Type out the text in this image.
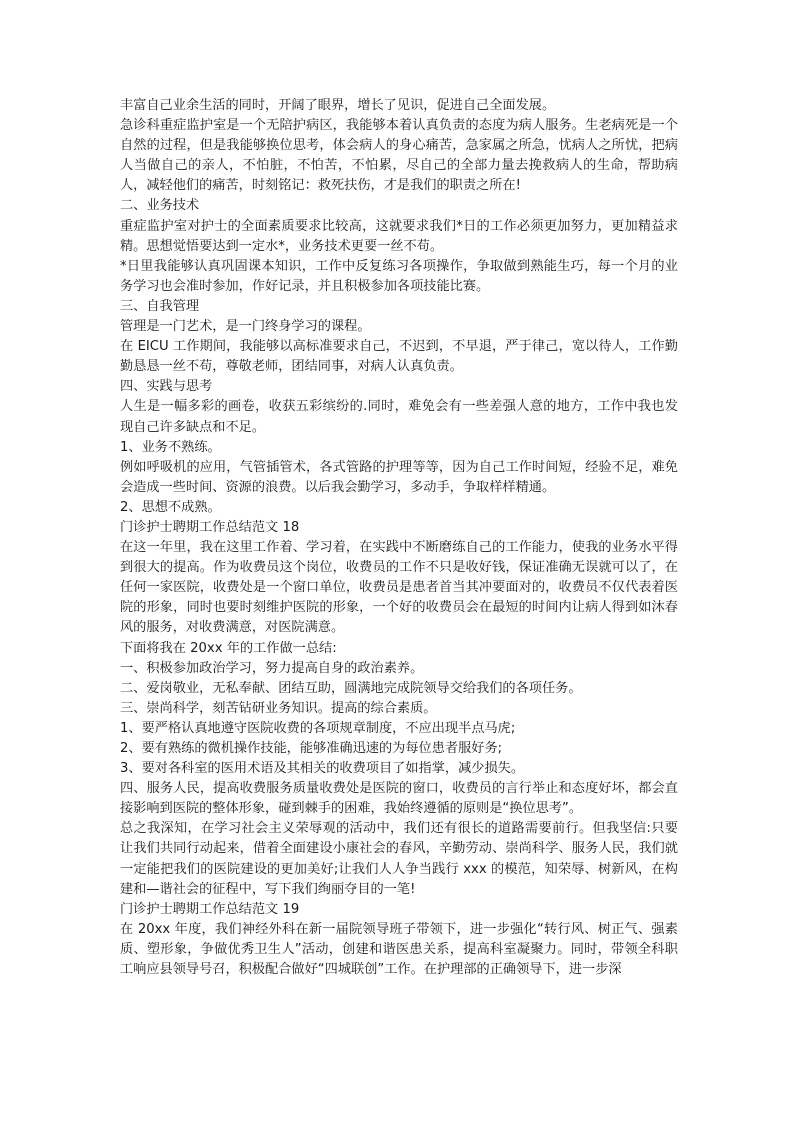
丰富自己业余生活的同时，开阔了眼界，增长了见识，促进自己全面发展。

急诊科重症监护室是一个无陪护病区，我能够本着认真负责的态度为病人服务。生老病死是一个自然的过程，但是我能够换位思考，体会病人的身心痛苦，急家属之所急，忧病人之所忧，把病人当做自己的亲人，不怕脏，不怕苦，不怕累，尽自己的全部力量去挽救病人的生命，帮助病人，减轻他们的痛苦，时刻铭记：救死扶伤，才是我们的职责之所在!

二、业务技术

重症监护室对护士的全面素质要求比较高，这就要求我们*日的工作必须更加努力，更加精益求精。思想觉悟要达到一定水*，业务技术更要一丝不苟。

*日里我能够认真巩固课本知识，工作中反复练习各项操作，争取做到熟能生巧，每一个月的业务学习也会准时参加，作好记录，并且积极参加各项技能比赛。

三、自我管理

管理是一门艺术，是一门终身学习的课程。

在 EICU 工作期间，我能够以高标准要求自己，不迟到，不早退，严于律己，宽以待人，工作勤勤恳恳一丝不苟，尊敬老师，团结同事，对病人认真负责。

四、实践与思考

人生是一幅多彩的画卷，收获五彩缤纷的.同时，难免会有一些差强人意的地方，工作中我也发现自己许多缺点和不足。

1、业务不熟练。

例如呼吸机的应用，气管插管术，各式管路的护理等等，因为自己工作时间短，经验不足，难免会造成一些时间、资源的浪费。以后我会勤学习，多动手，争取样样精通。

2、思想不成熟。

门诊护士聘期工作总结范文 18

在这一年里，我在这里工作着、学习着，在实践中不断磨练自己的工作能力，使我的业务水平得到很大的提高。作为收费员这个岗位，收费员的工作不只是收好钱，保证准确无误就可以了，在任何一家医院，收费处是一个窗口单位，收费员是患者首当其冲要面对的，收费员不仅代表着医院的形象，同时也要时刻维护医院的形象，一个好的收费员会在最短的时间内让病人得到如沐春风的服务，对收费满意，对医院满意。

下面将我在 20xx 年的工作做一总结:

一、积极参加政治学习，努力提高自身的政治素养。

二、爱岗敬业，无私奉献、团结互助，圆满地完成院领导交给我们的各项任务。

三、崇尚科学，刻苦钻研业务知识。提高的综合素质。

1、要严格认真地遵守医院收费的各项规章制度，不应出现半点马虎;

2、要有熟练的微机操作技能，能够准确迅速的为每位患者服好务;

3、要对各科室的医用术语及其相关的收费项目了如指掌，减少损失。

四、服务人民，提高收费服务质量收费处是医院的窗口，收费员的言行举止和态度好坏，都会直接影响到医院的整体形象，碰到棘手的困难，我始终遵循的原则是“换位思考”。

总之我深知，在学习社会主义荣辱观的活动中，我们还有很长的道路需要前行。但我坚信:只要让我们共同行动起来，借着全面建设小康社会的春风，辛勤劳动、崇尚科学、服务人民，我们就一定能把我们的医院建设的更加美好;让我们人人争当践行 xxx 的模范，知荣辱、树新风，在构建和—谐社会的征程中，写下我们绚丽夺目的一笔!

门诊护士聘期工作总结范文 19

在 20xx 年度，我们神经外科在新一届院领导班子带领下，进一步强化“转行风、树正气、强素质、塑形象，争做优秀卫生人”活动，创建和谐医患关系，提高科室凝聚力。同时，带领全科职工响应县领导号召，积极配合做好“四城联创”工作。在护理部的正确领导下，进一步深
